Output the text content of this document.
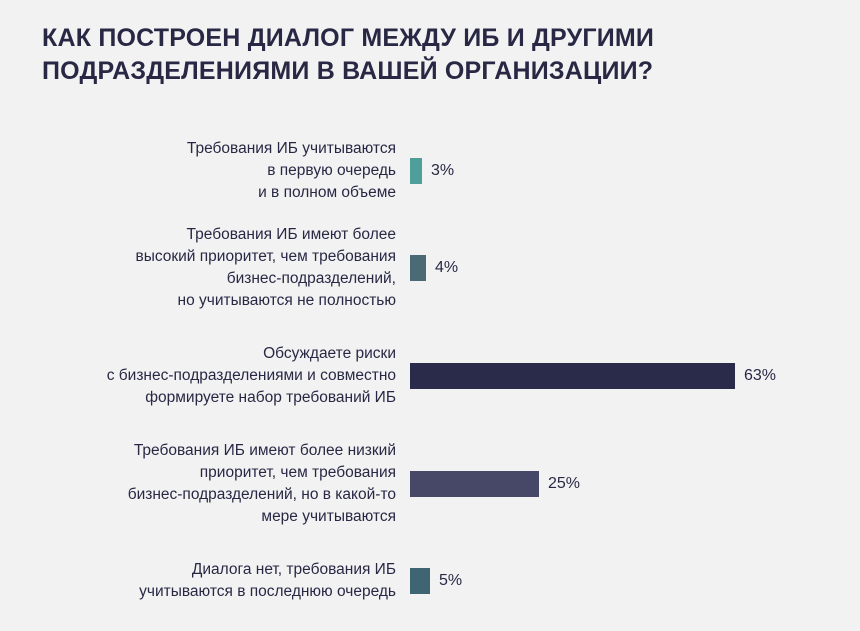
КАК ПОСТРОЕН ДИАЛОГ МЕЖДУ ИБ И ДРУГИМИ ПОДРАЗДЕЛЕНИЯМИ В ВАШЕЙ ОРГАНИЗАЦИИ?
Требования ИБ учитываются
в первую очередь
и в полном объеме
3%
Требования ИБ имеют более
высокий приоритет, чем требования
бизнес-подразделений,
но учитываются не полностью
4%
Обсуждаете риски
с бизнес-подразделениями и совместно
формируете набор требований ИБ
63%
Требования ИБ имеют более низкий
приоритет, чем требования
бизнес-подразделений, но в какой-то
мере учитываются
25%
Диалога нет, требования ИБ
учитываются в последнюю очередь
5%
